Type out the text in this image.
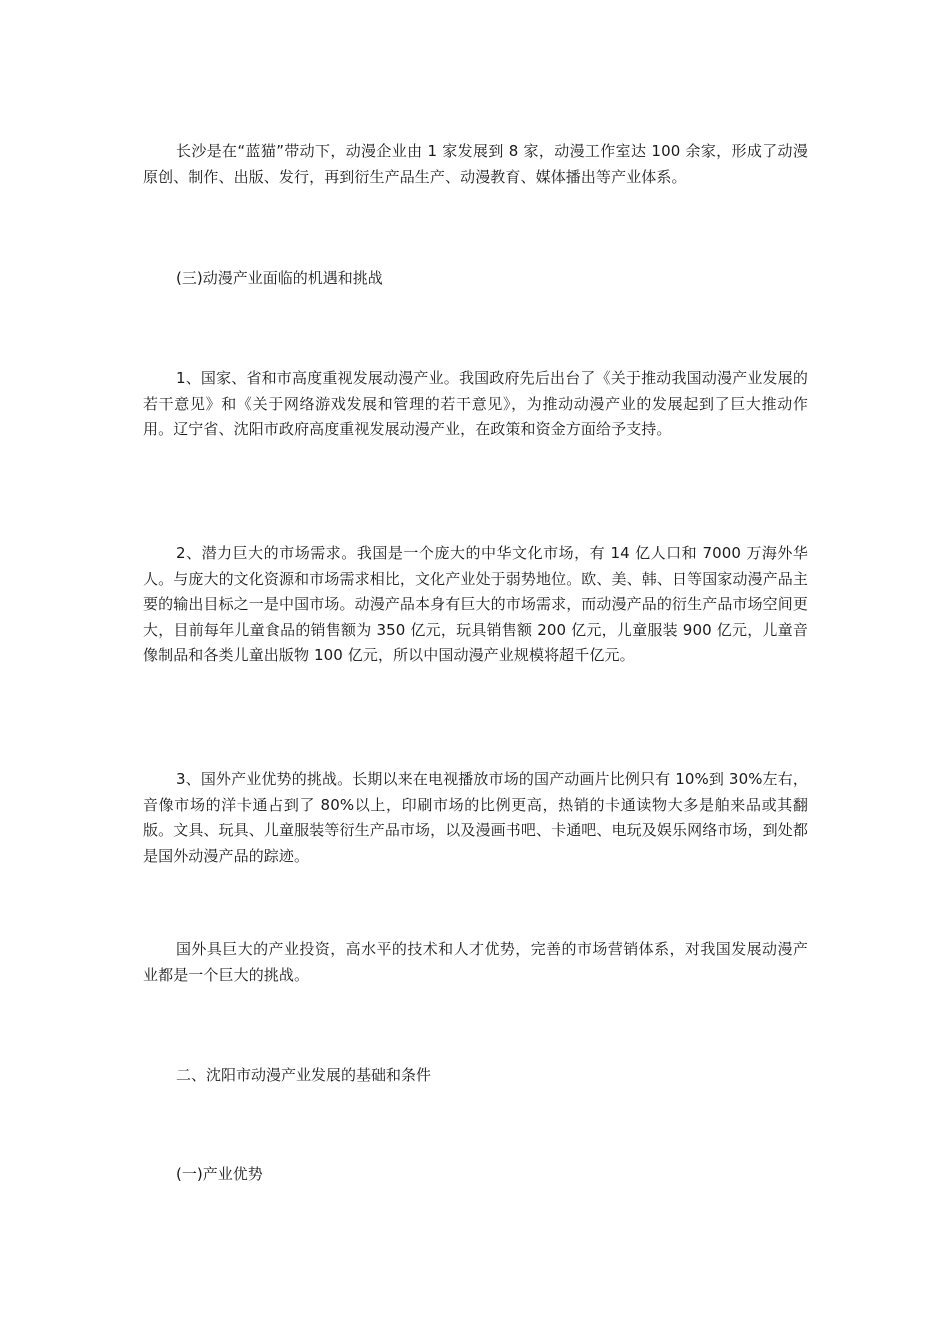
长沙是在“蓝猫”带动下，动漫企业由 1 家发展到 8 家，动漫工作室达 100 余家，形成了动漫原创、制作、出版、发行，再到衍生产品生产、动漫教育、媒体播出等产业体系。

(三)动漫产业面临的机遇和挑战

1、国家、省和市高度重视发展动漫产业。我国政府先后出台了《关于推动我国动漫产业发展的若干意见》和《关于网络游戏发展和管理的若干意见》，为推动动漫产业的发展起到了巨大推动作用。辽宁省、沈阳市政府高度重视发展动漫产业，在政策和资金方面给予支持。

2、潜力巨大的市场需求。我国是一个庞大的中华文化市场，有 14 亿人口和 7000 万海外华人。与庞大的文化资源和市场需求相比，文化产业处于弱势地位。欧、美、韩、日等国家动漫产品主要的输出目标之一是中国市场。动漫产品本身有巨大的市场需求，而动漫产品的衍生产品市场空间更大，目前每年儿童食品的销售额为 350 亿元，玩具销售额 200 亿元，儿童服装 900 亿元，儿童音像制品和各类儿童出版物 100 亿元，所以中国动漫产业规模将超千亿元。

3、国外产业优势的挑战。长期以来在电视播放市场的国产动画片比例只有 10%到 30%左右，音像市场的洋卡通占到了 80%以上，印刷市场的比例更高，热销的卡通读物大多是舶来品或其翻版。文具、玩具、儿童服装等衍生产品市场，以及漫画书吧、卡通吧、电玩及娱乐网络市场，到处都是国外动漫产品的踪迹。

国外具巨大的产业投资，高水平的技术和人才优势，完善的市场营销体系，对我国发展动漫产业都是一个巨大的挑战。

二、沈阳市动漫产业发展的基础和条件

(一)产业优势
